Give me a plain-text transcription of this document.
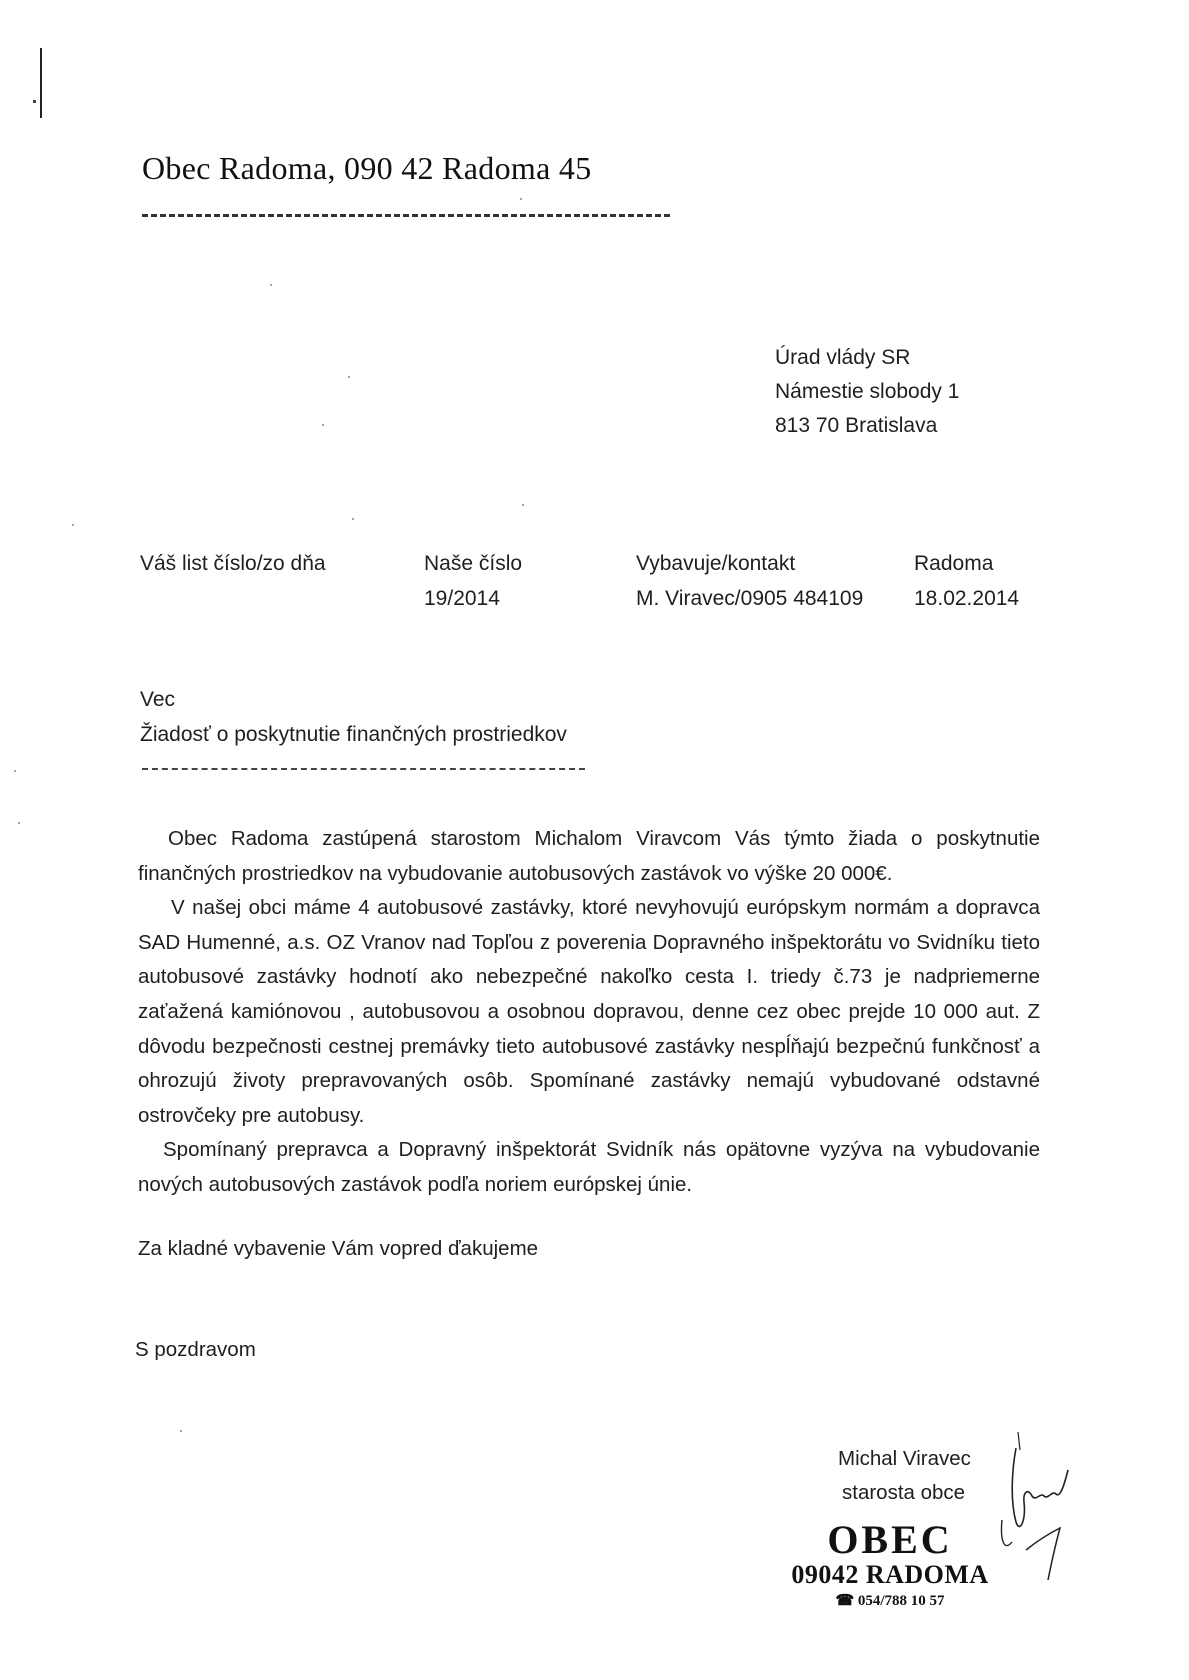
Obec Radoma, 090 42 Radoma 45
Úrad vlády SR
Námestie slobody 1
813 70 Bratislava
Váš list číslo/zo dňa	Naše číslo
19/2014
Vybavuje/kontakt
M. Viravec/0905 484109
Radoma
18.02.2014
Vec
Žiadosť o poskytnutie finančných prostriedkov

Obec Radoma zastúpená starostom Michalom Viravcom Vás týmto žiada o poskytnutie finančných prostriedkov na vybudovanie autobusových zastávok vo výške 20 000€.

V našej obci máme 4 autobusové zastávky, ktoré nevyhovujú európskym normám a dopravca SAD Humenné, a.s. OZ Vranov nad Topľou z poverenia Dopravného inšpektorátu vo Svidníku tieto autobusové zastávky hodnotí ako nebezpečné nakoľko cesta I. triedy č.73 je nadpriemerne zaťažená kamiónovou , autobusovou a osobnou dopravou, denne cez obec prejde 10 000 aut. Z dôvodu bezpečnosti cestnej premávky tieto autobusové zastávky nespĺňajú bezpečnú funkčnosť a ohrozujú životy prepravovaných osôb. Spomínané zastávky nemajú vybudované odstavné ostrovčeky pre autobusy.

Spomínaný prepravca a Dopravný inšpektorát Svidník nás opätovne vyzýva na vybudovanie nových autobusových zastávok podľa noriem európskej únie.

Za kladné vybavenie Vám vopred ďakujeme
S pozdravom
Michal Viravec
starosta obce
OBEC
09042 RADOMA
☎ 054/788 10 57
